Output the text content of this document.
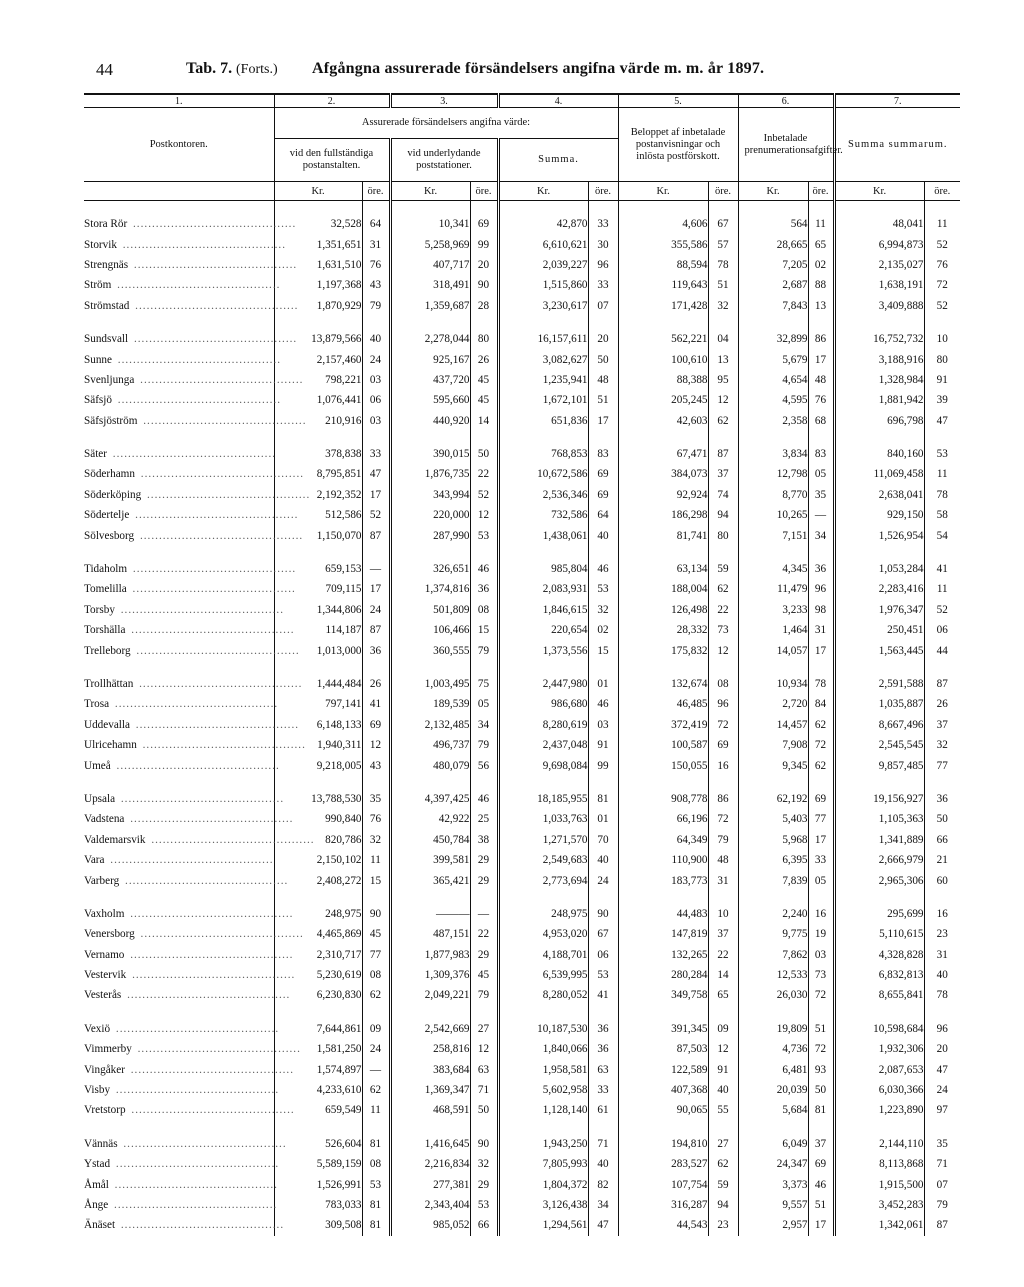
44	Tab. 7. (Forts.) Afgångna assurerade försändelsers angifna värde m. m. år 1897.
1.	2.		3.		4.		5.		6.		7.	
Postkontoren.	Assurerade försändelsers angifna värde:						Beloppet af inbetalade postanvisningar och inlösta postförskott.		Inbetalade prenumerationsafgifter.		Summa summarum.	
	vid den fullständiga postanstalten.		vid underlydande poststationer.		Summa.							
	Kr.	öre.	Kr.	öre.	Kr.	öre.	Kr.	öre.	Kr.	öre.	Kr.	öre.

Stora Rör ...........................................	32,528	64	10,341	69	42,870	33	4,606	67	564	11	48,041	11
Storvik ...........................................	1,351,651	31	5,258,969	99	6,610,621	30	355,586	57	28,665	65	6,994,873	52
Strengnäs ...........................................	1,631,510	76	407,717	20	2,039,227	96	88,594	78	7,205	02	2,135,027	76
Ström ...........................................	1,197,368	43	318,491	90	1,515,860	33	119,643	51	2,687	88	1,638,191	72
Strömstad ...........................................	1,870,929	79	1,359,687	28	3,230,617	07	171,428	32	7,843	13	3,409,888	52

Sundsvall ...........................................	13,879,566	40	2,278,044	80	16,157,611	20	562,221	04	32,899	86	16,752,732	10
Sunne ...........................................	2,157,460	24	925,167	26	3,082,627	50	100,610	13	5,679	17	3,188,916	80
Svenljunga ...........................................	798,221	03	437,720	45	1,235,941	48	88,388	95	4,654	48	1,328,984	91
Säfsjö ...........................................	1,076,441	06	595,660	45	1,672,101	51	205,245	12	4,595	76	1,881,942	39
Säfsjöström ...........................................	210,916	03	440,920	14	651,836	17	42,603	62	2,358	68	696,798	47

Säter ...........................................	378,838	33	390,015	50	768,853	83	67,471	87	3,834	83	840,160	53
Söderhamn ...........................................	8,795,851	47	1,876,735	22	10,672,586	69	384,073	37	12,798	05	11,069,458	11
Söderköping ...........................................	2,192,352	17	343,994	52	2,536,346	69	92,924	74	8,770	35	2,638,041	78
Södertelje ...........................................	512,586	52	220,000	12	732,586	64	186,298	94	10,265	—	929,150	58
Sölvesborg ...........................................	1,150,070	87	287,990	53	1,438,061	40	81,741	80	7,151	34	1,526,954	54

Tidaholm ...........................................	659,153	—	326,651	46	985,804	46	63,134	59	4,345	36	1,053,284	41
Tomelilla ...........................................	709,115	17	1,374,816	36	2,083,931	53	188,004	62	11,479	96	2,283,416	11
Torsby ...........................................	1,344,806	24	501,809	08	1,846,615	32	126,498	22	3,233	98	1,976,347	52
Torshälla ...........................................	114,187	87	106,466	15	220,654	02	28,332	73	1,464	31	250,451	06
Trelleborg ...........................................	1,013,000	36	360,555	79	1,373,556	15	175,832	12	14,057	17	1,563,445	44

Trollhättan ...........................................	1,444,484	26	1,003,495	75	2,447,980	01	132,674	08	10,934	78	2,591,588	87
Trosa ...........................................	797,141	41	189,539	05	986,680	46	46,485	96	2,720	84	1,035,887	26
Uddevalla ...........................................	6,148,133	69	2,132,485	34	8,280,619	03	372,419	72	14,457	62	8,667,496	37
Ulricehamn ...........................................	1,940,311	12	496,737	79	2,437,048	91	100,587	69	7,908	72	2,545,545	32
Umeå ...........................................	9,218,005	43	480,079	56	9,698,084	99	150,055	16	9,345	62	9,857,485	77

Upsala ...........................................	13,788,530	35	4,397,425	46	18,185,955	81	908,778	86	62,192	69	19,156,927	36
Vadstena ...........................................	990,840	76	42,922	25	1,033,763	01	66,196	72	5,403	77	1,105,363	50
Valdemarsvik ...........................................	820,786	32	450,784	38	1,271,570	70	64,349	79	5,968	17	1,341,889	66
Vara ...........................................	2,150,102	11	399,581	29	2,549,683	40	110,900	48	6,395	33	2,666,979	21
Varberg ...........................................	2,408,272	15	365,421	29	2,773,694	24	183,773	31	7,839	05	2,965,306	60

Vaxholm ...........................................	248,975	90	———	—	248,975	90	44,483	10	2,240	16	295,699	16
Venersborg ...........................................	4,465,869	45	487,151	22	4,953,020	67	147,819	37	9,775	19	5,110,615	23
Vernamo ...........................................	2,310,717	77	1,877,983	29	4,188,701	06	132,265	22	7,862	03	4,328,828	31
Vestervik ...........................................	5,230,619	08	1,309,376	45	6,539,995	53	280,284	14	12,533	73	6,832,813	40
Vesterås ...........................................	6,230,830	62	2,049,221	79	8,280,052	41	349,758	65	26,030	72	8,655,841	78

Vexiö ...........................................	7,644,861	09	2,542,669	27	10,187,530	36	391,345	09	19,809	51	10,598,684	96
Vimmerby ...........................................	1,581,250	24	258,816	12	1,840,066	36	87,503	12	4,736	72	1,932,306	20
Vingåker ...........................................	1,574,897	—	383,684	63	1,958,581	63	122,589	91	6,481	93	2,087,653	47
Visby ...........................................	4,233,610	62	1,369,347	71	5,602,958	33	407,368	40	20,039	50	6,030,366	24
Vretstorp ...........................................	659,549	11	468,591	50	1,128,140	61	90,065	55	5,684	81	1,223,890	97

Vännäs ...........................................	526,604	81	1,416,645	90	1,943,250	71	194,810	27	6,049	37	2,144,110	35
Ystad ...........................................	5,589,159	08	2,216,834	32	7,805,993	40	283,527	62	24,347	69	8,113,868	71
Åmål ...........................................	1,526,991	53	277,381	29	1,804,372	82	107,754	59	3,373	46	1,915,500	07
Ånge ...........................................	783,033	81	2,343,404	53	3,126,438	34	316,287	94	9,557	51	3,452,283	79
Änäset ...........................................	309,508	81	985,052	66	1,294,561	47	44,543	23	2,957	17	1,342,061	87
